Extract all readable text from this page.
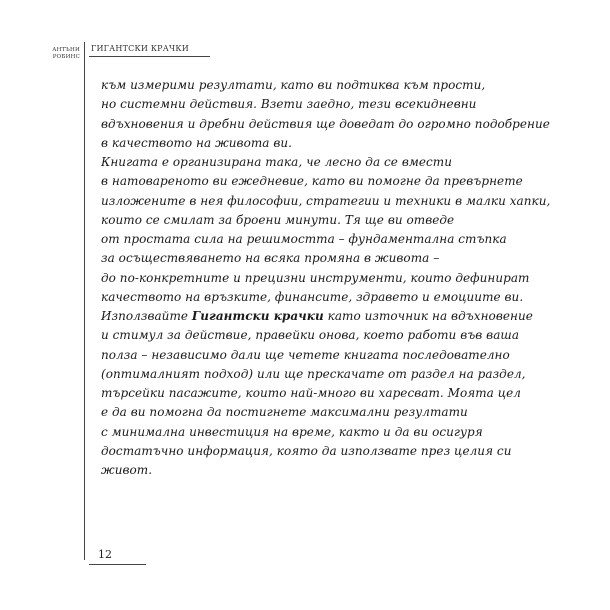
АНТЪНИ
РОБИНС
ГИГАНТСКИ КРАЧКИ
към измерими резултати, като ви подтиква към прости,
но системни действия. Взети заедно, тези всекидневни
вдъхновения и дребни действия ще доведат до огромно подобрение
в качеството на живота ви.
Книгата е организирана така, че лесно да се вмести
в натовареното ви ежедневие, като ви помогне да превърнете
изложените в нея философии, стратегии и техники в малки хапки,
които се смилат за броени минути. Тя ще ви отведе
от простата сила на решимостта – фундаментална стъпка
за осъществяването на всяка промяна в живота –
до по-конкретните и прецизни инструменти, които дефинират
качеството на връзките, финансите, здравето и емоциите ви.
Използвайте Гигантски крачки като източник на вдъхновение
и стимул за действие, правейки онова, което работи във ваша
полза – независимо дали ще четете книгата последователно
(оптималният подход) или ще прескачате от раздел на раздел,
търсейки пасажите, които най-много ви харесват. Моята цел
е да ви помогна да постигнете максимални резултати
с минимална инвестиция на време, както и да ви осигуря
достатъчно информация, която да използвате през целия си
живот.
12
